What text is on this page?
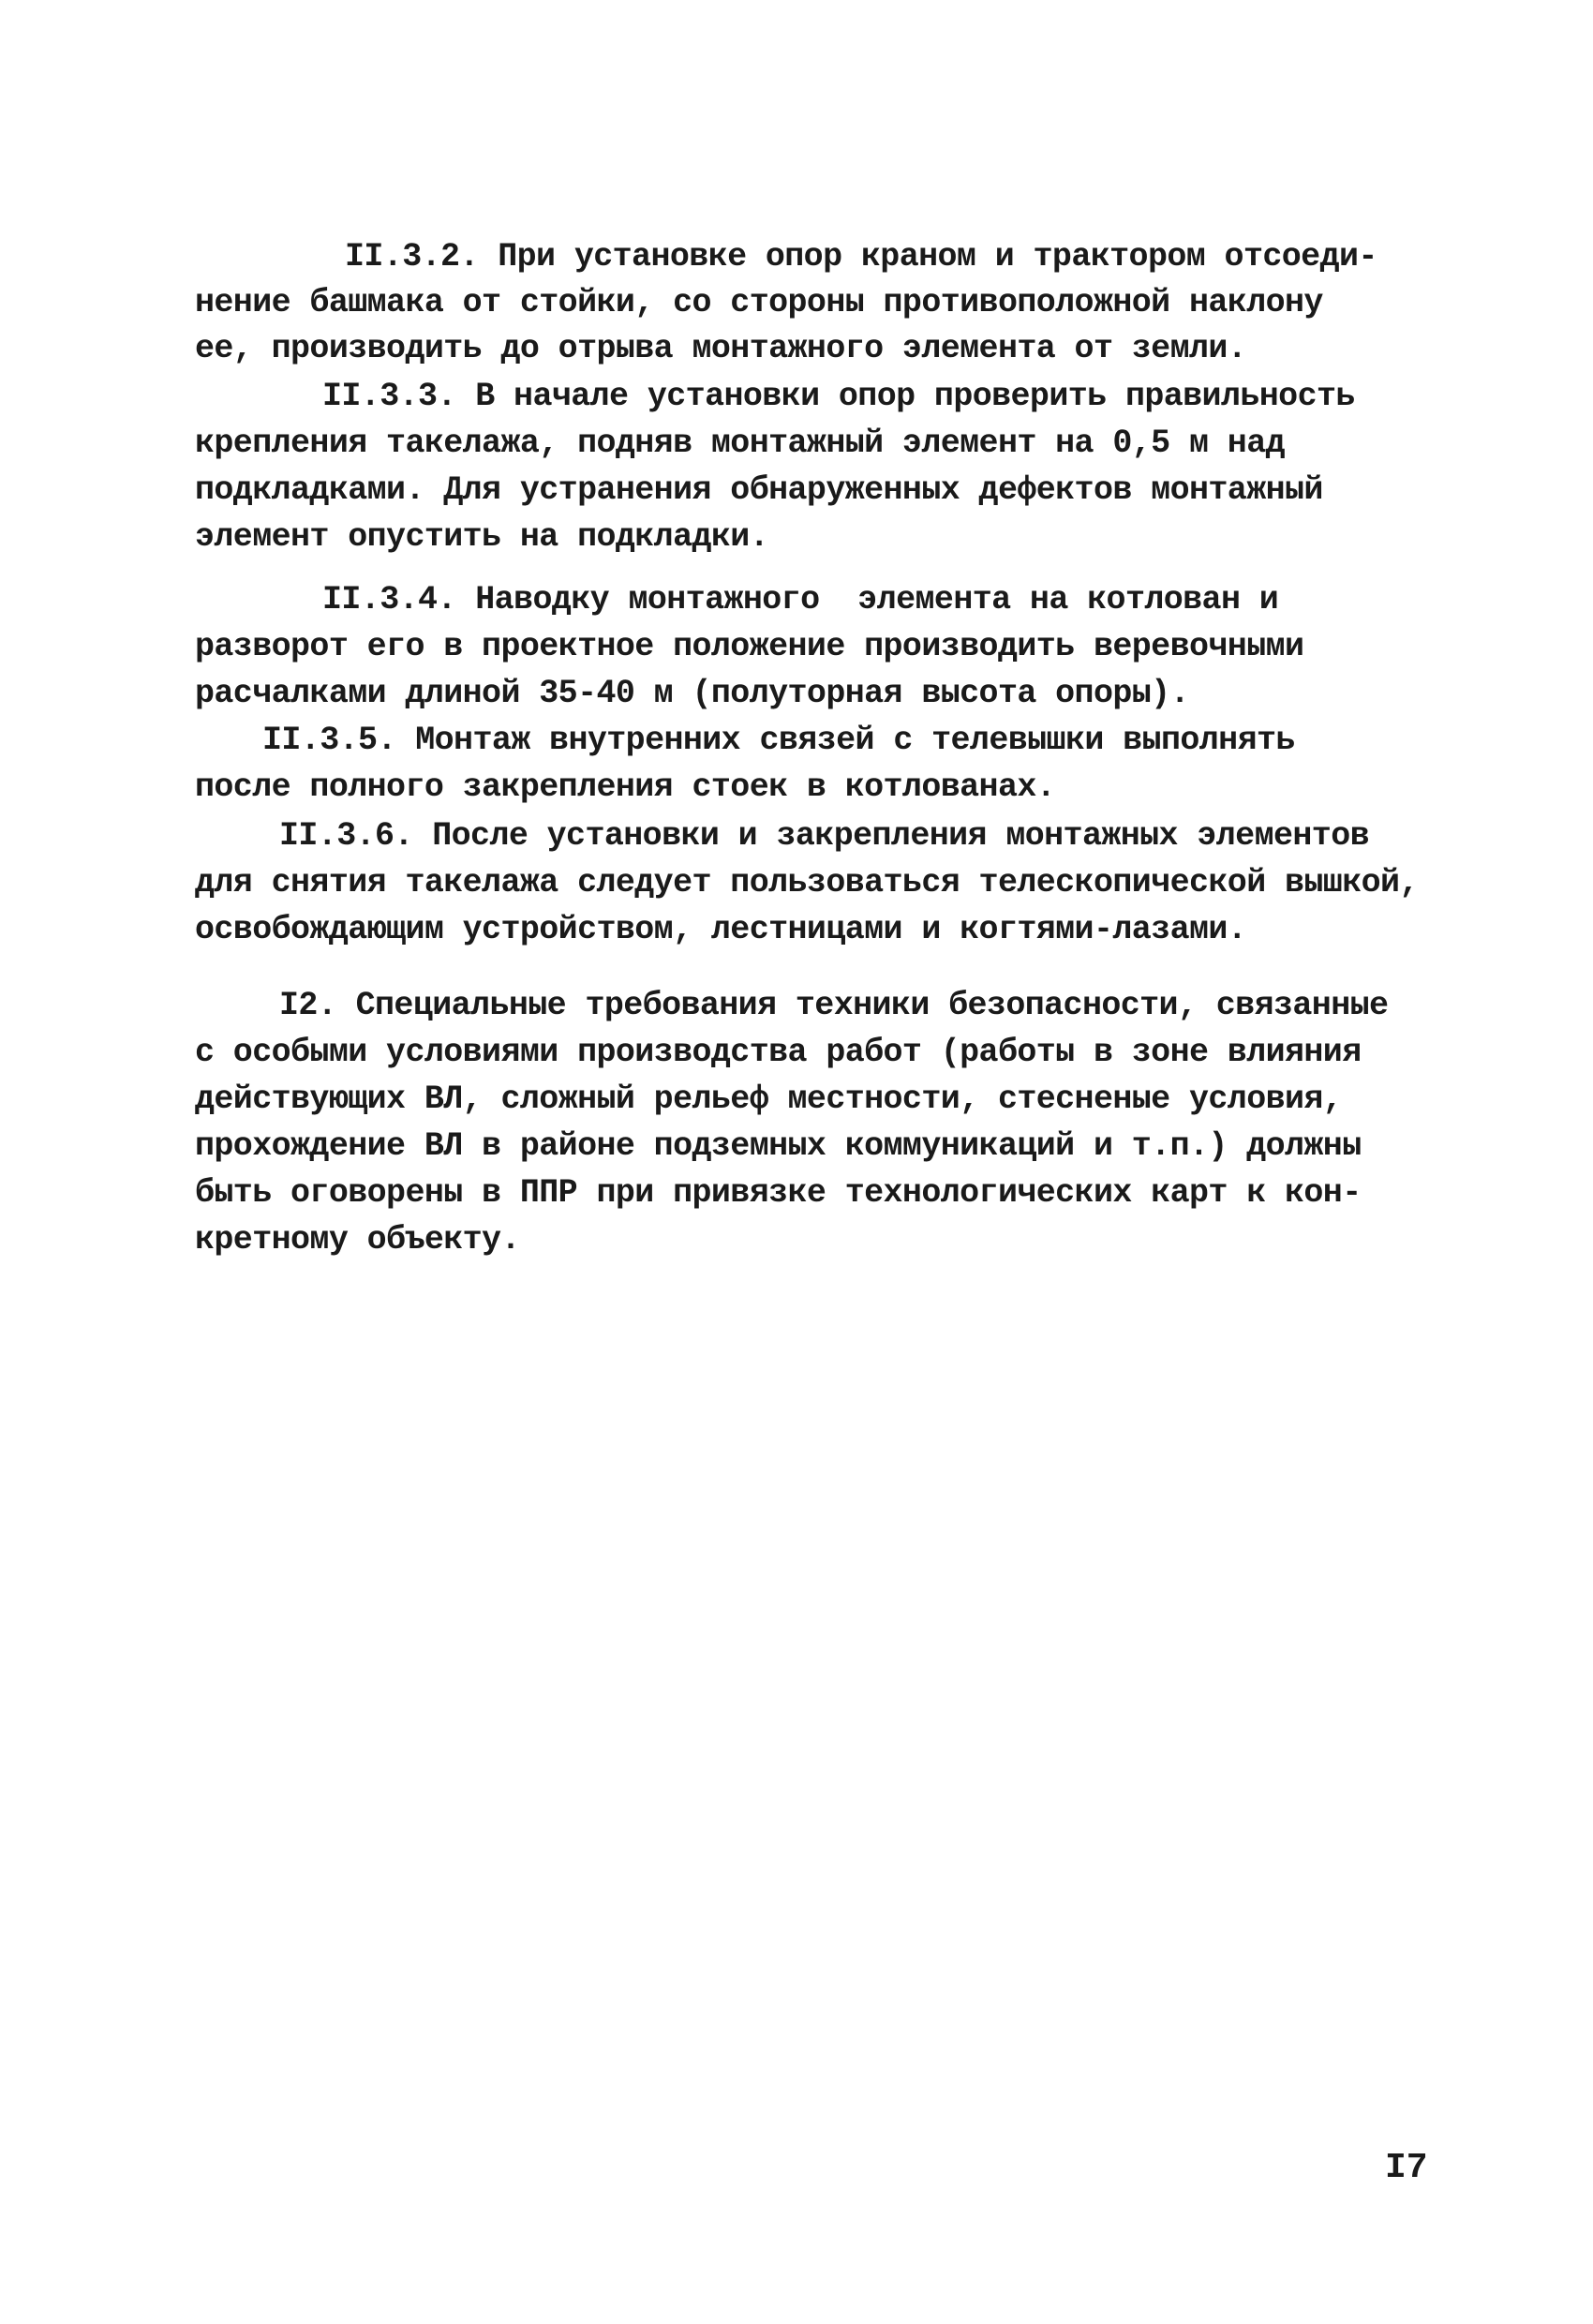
II.3.2. При установке опор краном и трактором отсоеди-
нение башмака от стойки, со стороны противоположной наклону
ее, производить до отрыва монтажного элемента от земли.
II.3.3. В начале установки опор проверить правильность
крепления такелажа, подняв монтажный элемент на 0,5 м над
подкладками. Для устранения обнаруженных дефектов монтажный
элемент опустить на подкладки.
II.3.4. Наводку монтажного  элемента на котлован и
разворот его в проектное положение производить веревочными
расчалками длиной 35-40 м (полуторная высота опоры).
II.3.5. Монтаж внутренних связей с телевышки выполнять
после полного закрепления стоек в котлованах.
II.3.6. После установки и закрепления монтажных элементов
для снятия такелажа следует пользоваться телескопической вышкой,
освобождающим устройством, лестницами и когтями-лазами.
I2. Специальные требования техники безопасности, связанные
с особыми условиями производства работ (работы в зоне влияния
действующих ВЛ, сложный рельеф местности, стесненые условия,
прохождение ВЛ в районе подземных коммуникаций и т.п.) должны
быть оговорены в ППР при привязке технологических карт к кон-
кретному объекту.
I7
